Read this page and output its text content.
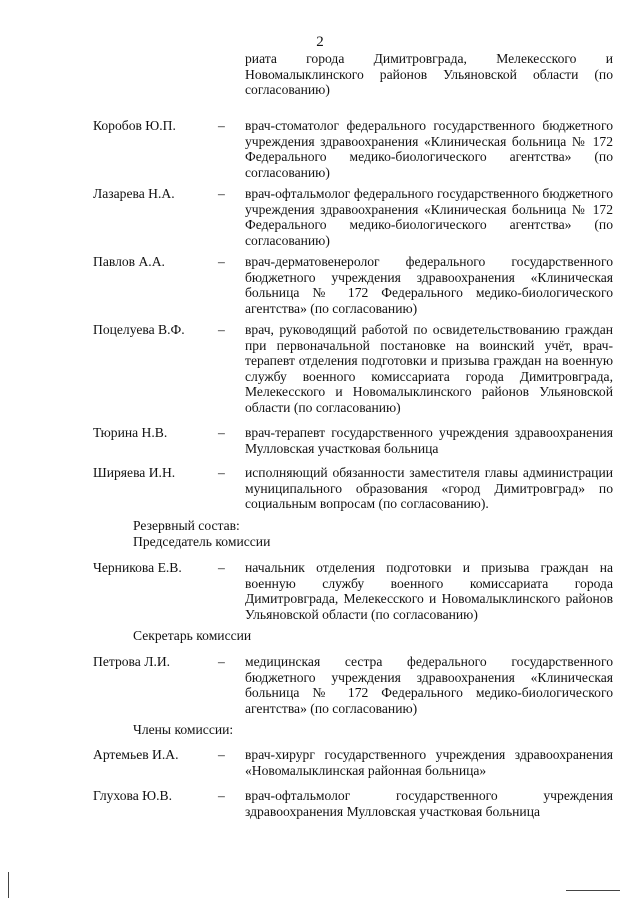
2
риата города Димитровграда, Мелекесского и Новомалыклинского районов Ульяновской области (по согласованию)
Коробов Ю.П.	– врач-стоматолог федерального государственного бюджетного учреждения здравоохранения «Клиническая больница № 172 Федерального медико-биологического агентства» (по согласованию)
Лазарева Н.А.	– врач-офтальмолог федерального государственного бюджетного учреждения здравоохранения «Клиническая больница № 172 Федерального медико-биологического агентства» (по согласованию)
Павлов А.А.	– врач-дерматовенеролог федерального государственного бюджетного учреждения здравоохранения «Клиническая больница № 172 Федерального медико-биологического агентства» (по согласованию)
Поцелуева В.Ф. – врач, руководящий работой по освидетельствованию граждан при первоначальной постановке на воинский учёт, врач-терапевт отделения подготовки и призыва граждан на военную службу военного комиссариата города Димитровграда, Мелекесского и Новомалыклинского районов Ульяновской области (по согласованию)
Тюрина Н.В.	– врач-терапевт государственного учреждения здравоохранения Мулловская участковая больница
Ширяева И.Н.	– исполняющий обязанности заместителя главы администрации муниципального образования «город Димитровград» по социальным вопросам (по согласованию).
Резервный состав:
Председатель комиссии
Черникова Е.В.	– начальник отделения подготовки и призыва граждан на военную службу военного комиссариата города Димитровграда, Мелекесского и Новомалыклинского районов Ульяновской области (по согласованию)
Секретарь комиссии
Петрова Л.И.	– медицинская сестра федерального государственного бюджетного учреждения здравоохранения «Клиническая больница № 172 Федерального медико-биологического агентства» (по согласованию)
Члены комиссии:
Артемьев И.А.	– врач-хирург государственного учреждения здравоохранения «Новомалыклинская районная больница»
Глухова Ю.В.	– врач-офтальмолог государственного учреждения здравоохранения Мулловская участковая больница
